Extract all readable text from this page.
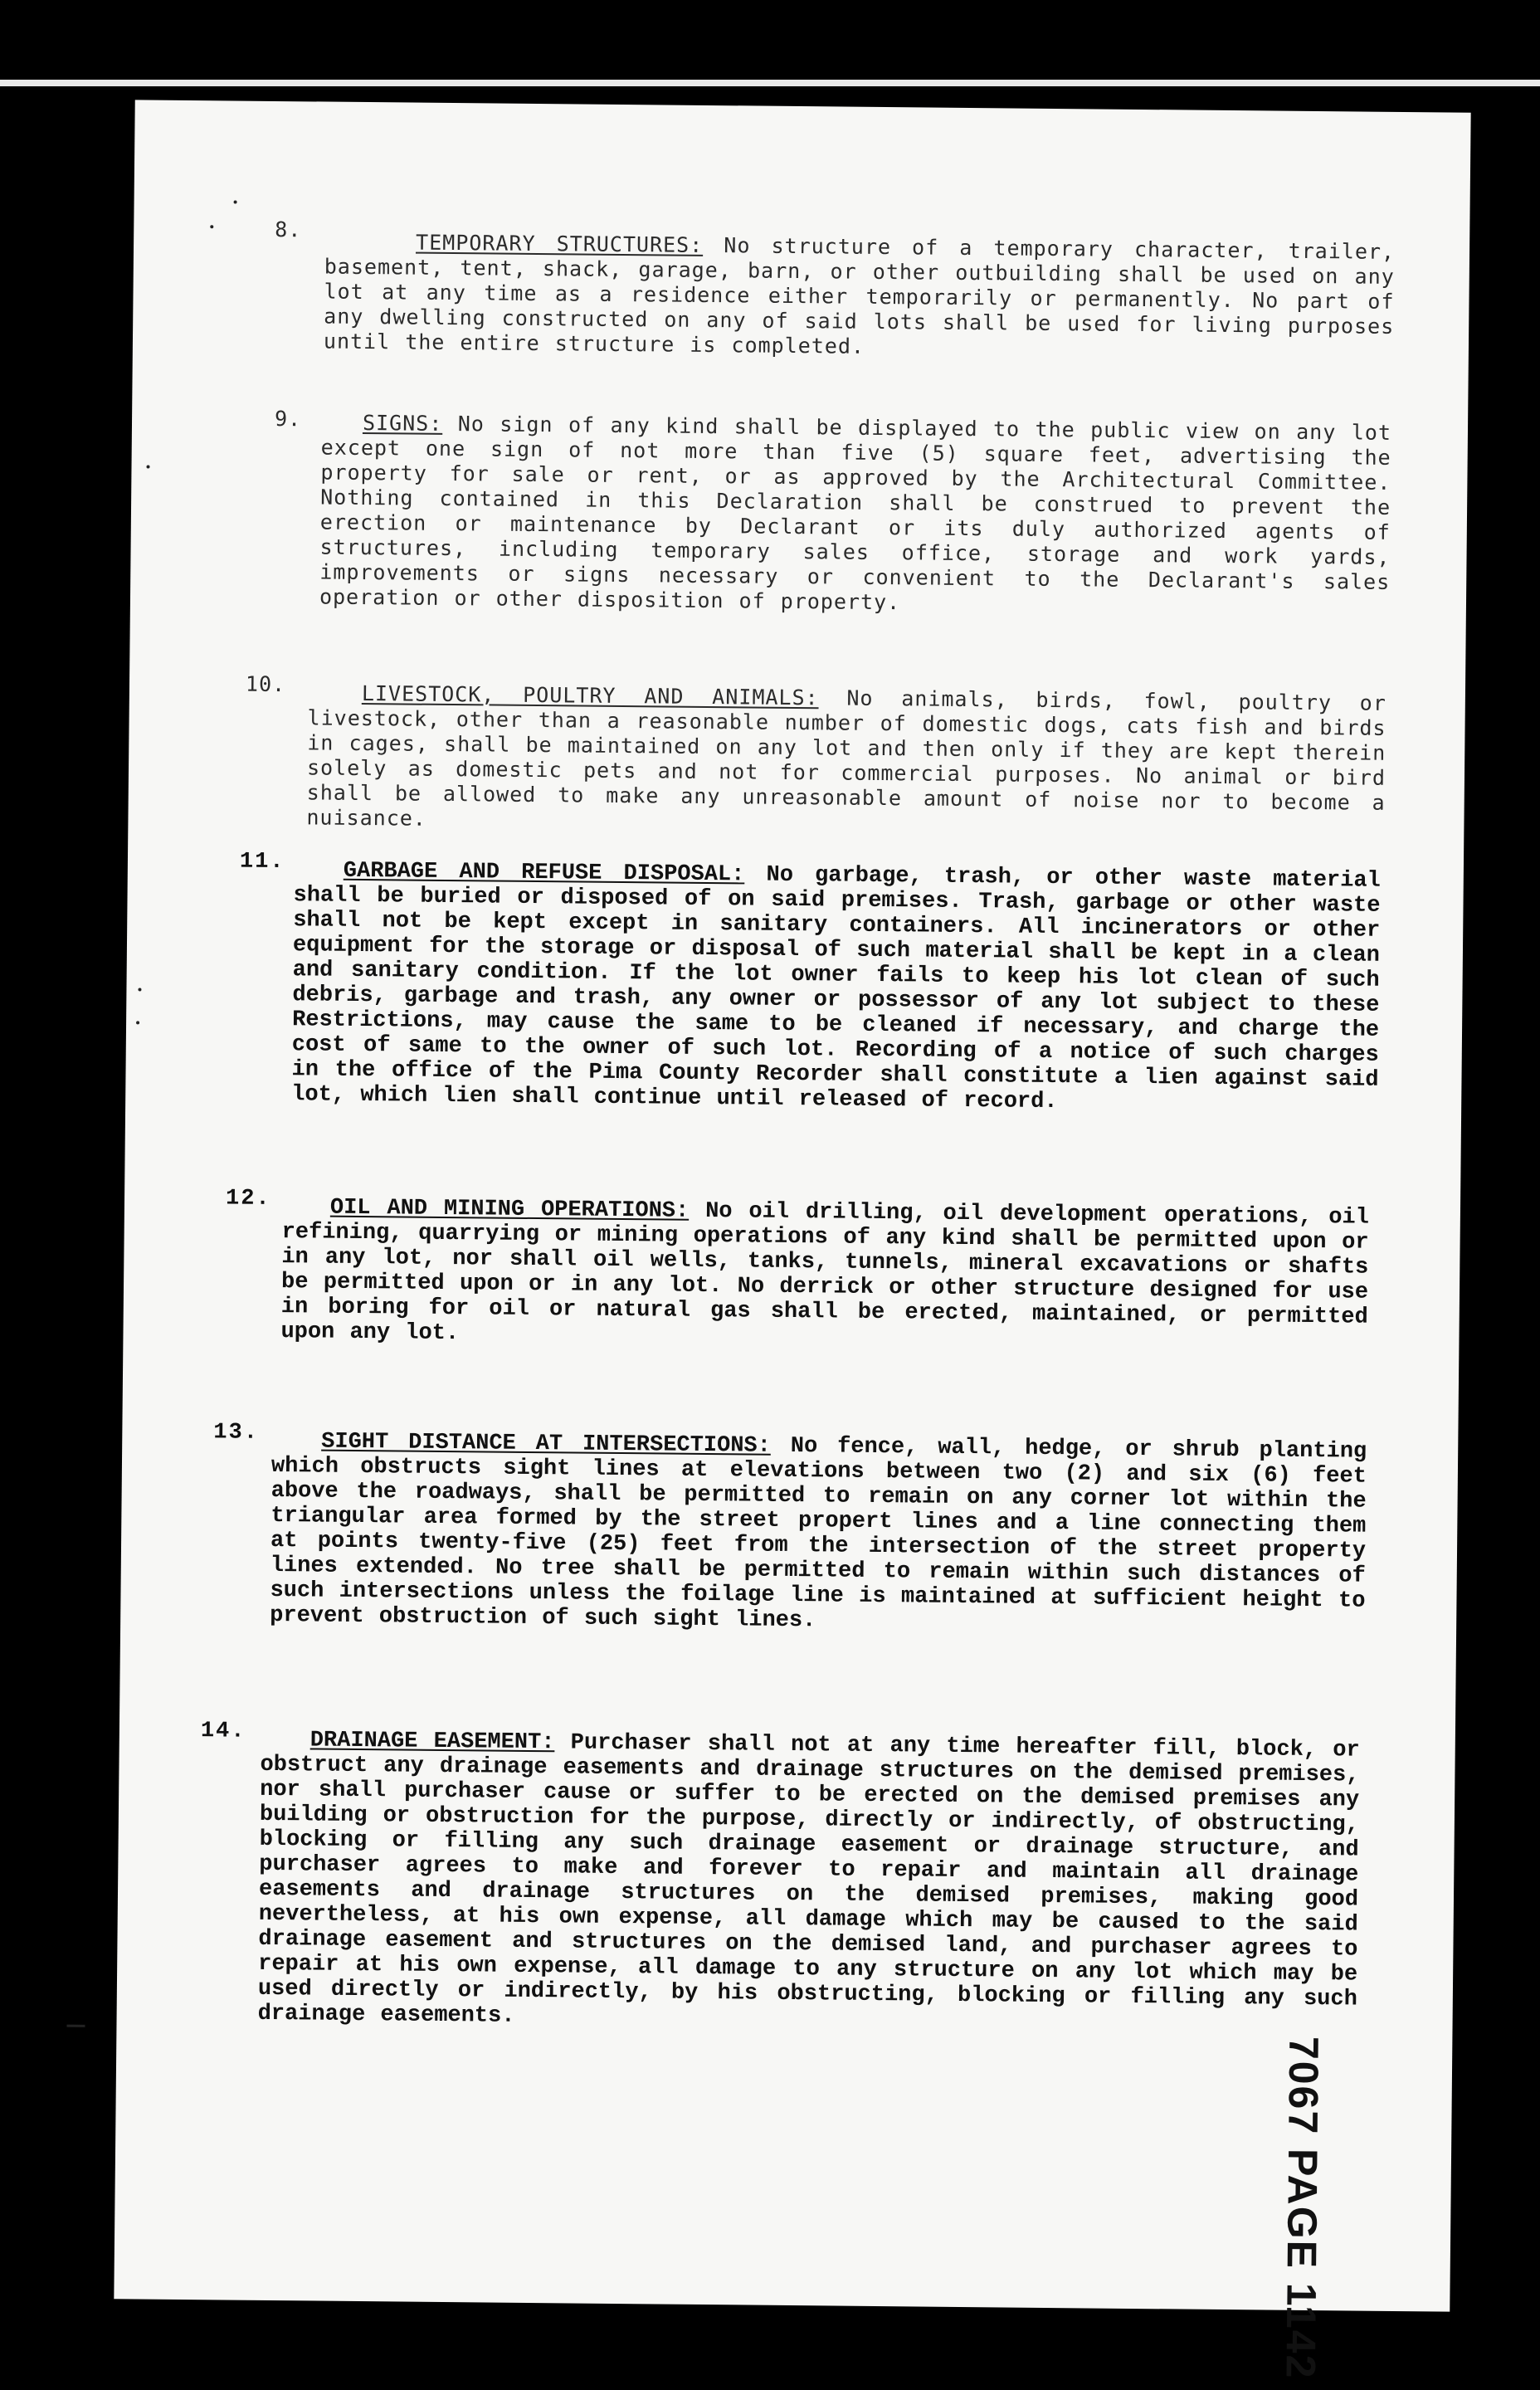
8.
TEMPORARY STRUCTURES: No structure of a temporary character, trailer, basement, tent, shack, garage, barn, or other outbuilding shall be used on any lot at any time as a residence either temporarily or permanently. No part of any dwelling constructed on any of said lots shall be used for living purposes until the entire structure is completed.
9.	SIGNS: No sign of any kind shall be displayed to the public view on any lot except one sign of not more than five (5) square feet, advertising the property for sale or rent, or as approved by the Architectural Committee. Nothing contained in this Declaration shall be construed to prevent the erection or maintenance by Declarant or its duly authorized agents of structures, including temporary sales office, storage and work yards, improvements or signs necessary or convenient to the Declarant's sales operation or other disposition of property.
10.	LIVESTOCK, POULTRY AND ANIMALS: No animals, birds, fowl, poultry or livestock, other than a reasonable number of domestic dogs, cats fish and birds in cages, shall be maintained on any lot and then only if they are kept therein solely as domestic pets and not for commercial purposes. No animal or bird shall be allowed to make any unreasonable amount of noise nor to become a nuisance.
11.	GARBAGE AND REFUSE DISPOSAL: No garbage, trash, or other waste material shall be buried or disposed of on said premises. Trash, garbage or other waste shall not be kept except in sanitary containers. All incinerators or other equipment for the storage or disposal of such material shall be kept in a clean and sanitary condition. If the lot owner fails to keep his lot clean of such debris, garbage and trash, any owner or possessor of any lot subject to these Restrictions, may cause the same to be cleaned if necessary, and charge the cost of same to the owner of such lot. Recording of a notice of such charges in the office of the Pima County Recorder shall constitute a lien against said lot, which lien shall continue until released of record.
12.	OIL AND MINING OPERATIONS: No oil drilling, oil development operations, oil refining, quarrying or mining operations of any kind shall be permitted upon or in any lot, nor shall oil wells, tanks, tunnels, mineral excavations or shafts be permitted upon or in any lot. No derrick or other structure designed for use in boring for oil or natural gas shall be erected, maintained, or permitted upon any lot.
13.	SIGHT DISTANCE AT INTERSECTIONS: No fence, wall, hedge, or shrub planting which obstructs sight lines at elevations between two (2) and six (6) feet above the roadways, shall be permitted to remain on any corner lot within the triangular area formed by the street propert lines and a line connecting them at points twenty-five (25) feet from the intersection of the street property lines extended. No tree shall be permitted to remain within such distances of such intersections unless the foilage line is maintained at sufficient height to prevent obstruction of such sight lines.
14.	DRAINAGE EASEMENT: Purchaser shall not at any time hereafter fill, block, or obstruct any drainage easements and drainage structures on the demised premises, nor shall purchaser cause or suffer to be erected on the demised premises any building or obstruction for the purpose, directly or indirectly, of obstructing, blocking or filling any such drainage easement or drainage structure, and purchaser agrees to make and forever to repair and maintain all drainage easements and drainage structures on the demised premises, making good nevertheless, at his own expense, all damage which may be caused to the said drainage easement and structures on the demised land, and purchaser agrees to repair at his own expense, all damage to any structure on any lot which may be used directly or indirectly, by his obstructing, blocking or filling any such drainage easements.
7067 PAGE 1142
